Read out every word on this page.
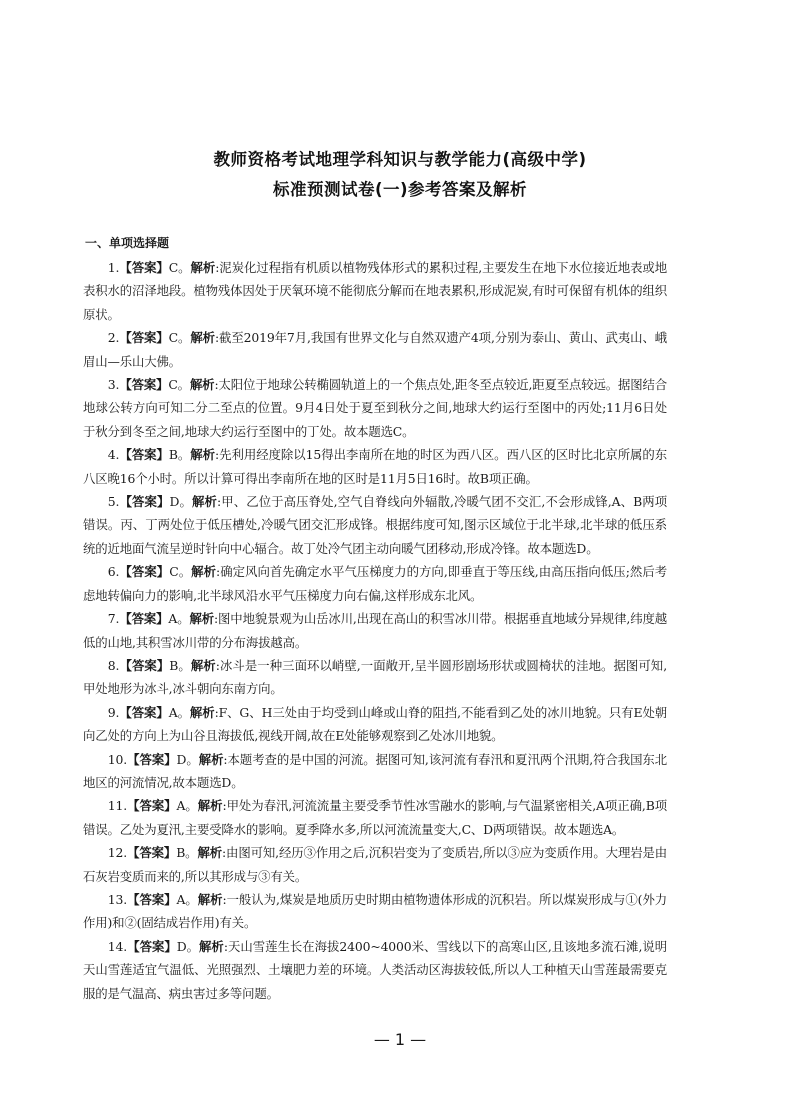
教师资格考试地理学科知识与教学能力(高级中学)
标准预测试卷(一)参考答案及解析
一、单项选择题

1.【答案】C。解析:泥炭化过程指有机质以植物残体形式的累积过程,主要发生在地下水位接近地表或地表积水的沼泽地段。植物残体因处于厌氧环境不能彻底分解而在地表累积,形成泥炭,有时可保留有机体的组织原状。

2.【答案】C。解析:截至2019年7月,我国有世界文化与自然双遗产4项,分别为泰山、黄山、武夷山、峨眉山—乐山大佛。

3.【答案】C。解析:太阳位于地球公转椭圆轨道上的一个焦点处,距冬至点较近,距夏至点较远。据图结合地球公转方向可知二分二至点的位置。9月4日处于夏至到秋分之间,地球大约运行至图中的丙处;11月6日处于秋分到冬至之间,地球大约运行至图中的丁处。故本题选C。

4.【答案】B。解析:先利用经度除以15得出李南所在地的时区为西八区。西八区的区时比北京所属的东八区晚16个小时。所以计算可得出李南所在地的区时是11月5日16时。故B项正确。

5.【答案】D。解析:甲、乙位于高压脊处,空气自脊线向外辐散,冷暖气团不交汇,不会形成锋,A、B两项错误。丙、丁两处位于低压槽处,冷暖气团交汇形成锋。根据纬度可知,图示区域位于北半球,北半球的低压系统的近地面气流呈逆时针向中心辐合。故丁处冷气团主动向暖气团移动,形成冷锋。故本题选D。

6.【答案】C。解析:确定风向首先确定水平气压梯度力的方向,即垂直于等压线,由高压指向低压;然后考虑地转偏向力的影响,北半球风沿水平气压梯度力向右偏,这样形成东北风。

7.【答案】A。解析:图中地貌景观为山岳冰川,出现在高山的积雪冰川带。根据垂直地域分异规律,纬度越低的山地,其积雪冰川带的分布海拔越高。

8.【答案】B。解析:冰斗是一种三面环以峭壁,一面敞开,呈半圆形剧场形状或圆椅状的洼地。据图可知,甲处地形为冰斗,冰斗朝向东南方向。

9.【答案】A。解析:F、G、H三处由于均受到山峰或山脊的阻挡,不能看到乙处的冰川地貌。只有E处朝向乙处的方向上为山谷且海拔低,视线开阔,故在E处能够观察到乙处冰川地貌。

10.【答案】D。解析:本题考查的是中国的河流。据图可知,该河流有春汛和夏汛两个汛期,符合我国东北地区的河流情况,故本题选D。

11.【答案】A。解析:甲处为春汛,河流流量主要受季节性冰雪融水的影响,与气温紧密相关,A项正确,B项错误。乙处为夏汛,主要受降水的影响。夏季降水多,所以河流流量变大,C、D两项错误。故本题选A。

12.【答案】B。解析:由图可知,经历③作用之后,沉积岩变为了变质岩,所以③应为变质作用。大理岩是由石灰岩变质而来的,所以其形成与③有关。

13.【答案】A。解析:一般认为,煤炭是地质历史时期由植物遗体形成的沉积岩。所以煤炭形成与①(外力作用)和②(固结成岩作用)有关。

14.【答案】D。解析:天山雪莲生长在海拔2400~4000米、雪线以下的高寒山区,且该地多流石滩,说明天山雪莲适宜气温低、光照强烈、土壤肥力差的环境。人类活动区海拔较低,所以人工种植天山雪莲最需要克服的是气温高、病虫害过多等问题。

— 1 —
